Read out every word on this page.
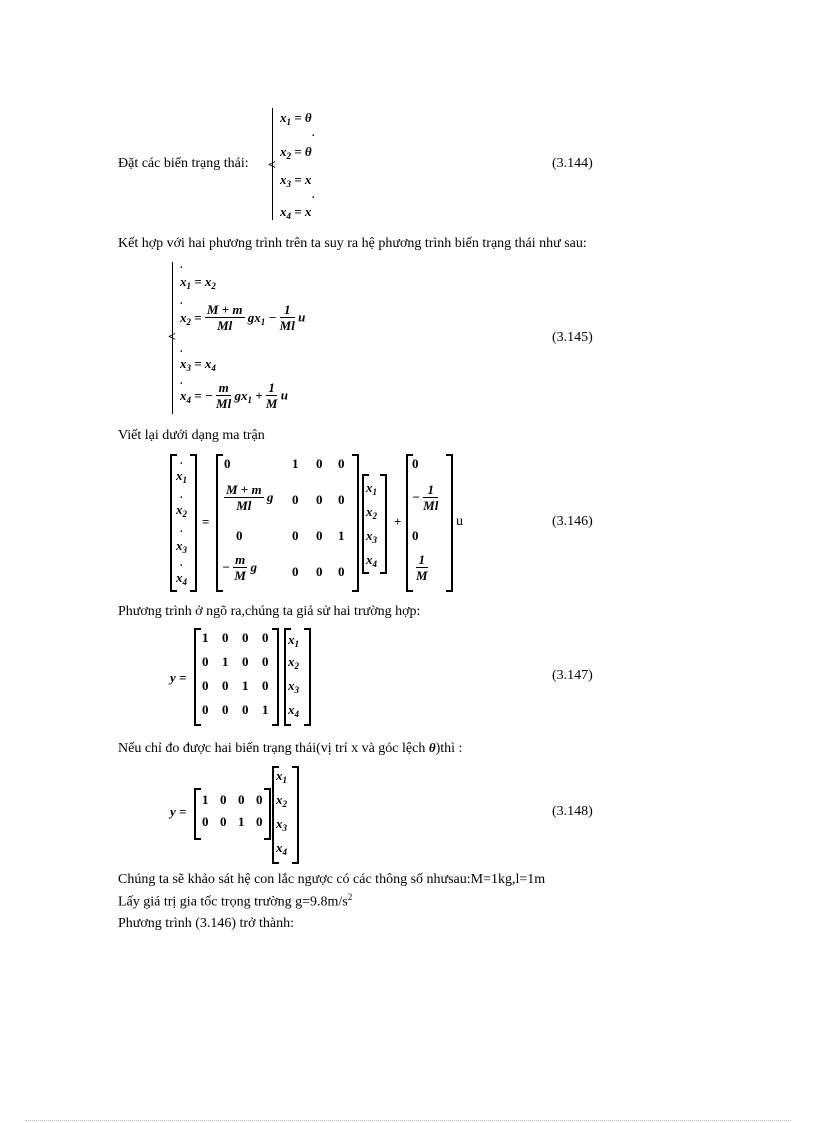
Đặt các biến trạng thái: <
$x_1 = \theta$
.
$x_2 = \theta$
$x_3 = x$
.
$x_4 = x$
(3.144)
Kết hợp với hai phương trình trên ta suy ra hệ phương trình biến trạng thái như sau:
<
.
$x_1 = x_2$
.
$x_2 = \frac{M + m}{Ml} gx_1 - \frac{1}{Ml}$ u
.
$x_3 = x_4$
.
$x_4$ = − $\frac{m}{Ml} gx_1 + \frac{1}{M}$ u
(3.145)
Viết lại dưới dạng ma trận
.
$x_1$
.
$x_2$
.
$x_3$
.
$x_4$
=
0	1 0 0
$\frac{M + m}{Ml}$ g 0 0 0
0	0 0 1
− $\frac{m}{M}$ g	0 0 0
$x_1$
$x_2$
$x_3$
$x_4$
+
0
− $\frac{1}{Ml}$
0
$\frac{1}{M}$
u	(3.146)
Phương trình ở ngõ ra,chúng ta giả sử hai trường hợp:
y =
1 0 0 0
0 1 0 0
0 0 1 0
0 0 0 1
$x_1$
$x_2$
$x_3$
$x_4$
(3.147)
Nếu chỉ đo được hai biến trạng thái(vị trí x và góc lệch θ)thì :
y =
1 0 0 0
0 0 1 0
$x_1$
$x_2$
$x_3$
$x_4$
(3.148)
Chúng ta sẽ khảo sát hệ con lắc ngược có các thông số nhưsau:M=1kg,l=1m
Lấy giá trị gia tốc trọng trường $g=9.8m/s^2$
Phương trình (3.146) trở thành:
